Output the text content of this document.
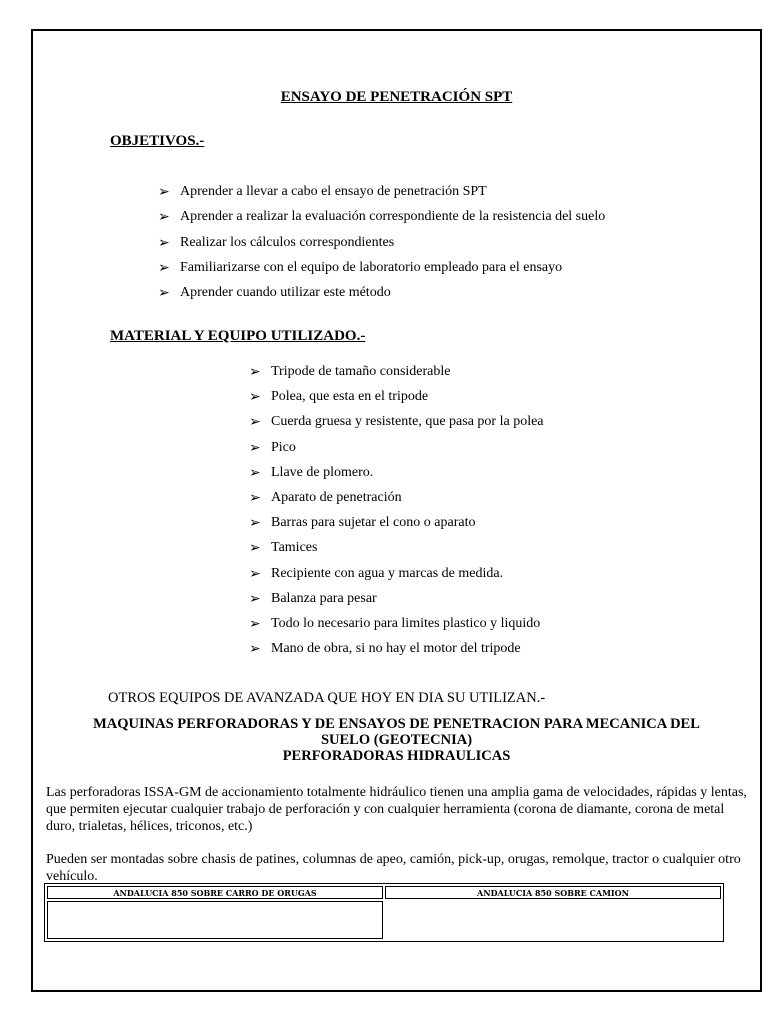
ENSAYO DE PENETRACIÓN SPT
OBJETIVOS.-
➢ Aprender a llevar a cabo el ensayo de penetración SPT
➢ Aprender a realizar la evaluación correspondiente de la resistencia del suelo
➢ Realizar los cálculos correspondientes
➢ Familiarizarse con el equipo de laboratorio empleado para el ensayo
➢ Aprender cuando utilizar este método
MATERIAL Y EQUIPO UTILIZADO.-
➢ Tripode de tamaño considerable
➢ Polea, que esta en el tripode
➢ Cuerda gruesa y resistente, que pasa por la polea
➢ Pico
➢ Llave de plomero.
➢ Aparato de penetración
➢ Barras para sujetar el cono o aparato
➢ Tamices
➢ Recipiente con agua y marcas de medida.
➢ Balanza para pesar
➢ Todo lo necesario para limites plastico y liquido
➢ Mano de obra, si no hay el motor del tripode
OTROS EQUIPOS DE AVANZADA QUE HOY EN DIA SU UTILIZAN.-
MAQUINAS PERFORADORAS Y DE ENSAYOS DE PENETRACION PARA MECANICA DEL
SUELO (GEOTECNIA)
PERFORADORAS HIDRAULICAS
Las perforadoras ISSA-GM de accionamiento totalmente hidráulico tienen una amplia gama de velocidades, rápidas y lentas, que permiten ejecutar cualquier trabajo de perforación y con cualquier herramienta (corona de diamante, corona de metal duro, trialetas, hélices, triconos, etc.)
Pueden ser montadas sobre chasis de patines, columnas de apeo, camión, pick-up, orugas, remolque, tractor o cualquier otro vehículo.
ANDALUCIA 850 SOBRE CARRO DE ORUGAS	ANDALUCIA 850 SOBRE CAMION
